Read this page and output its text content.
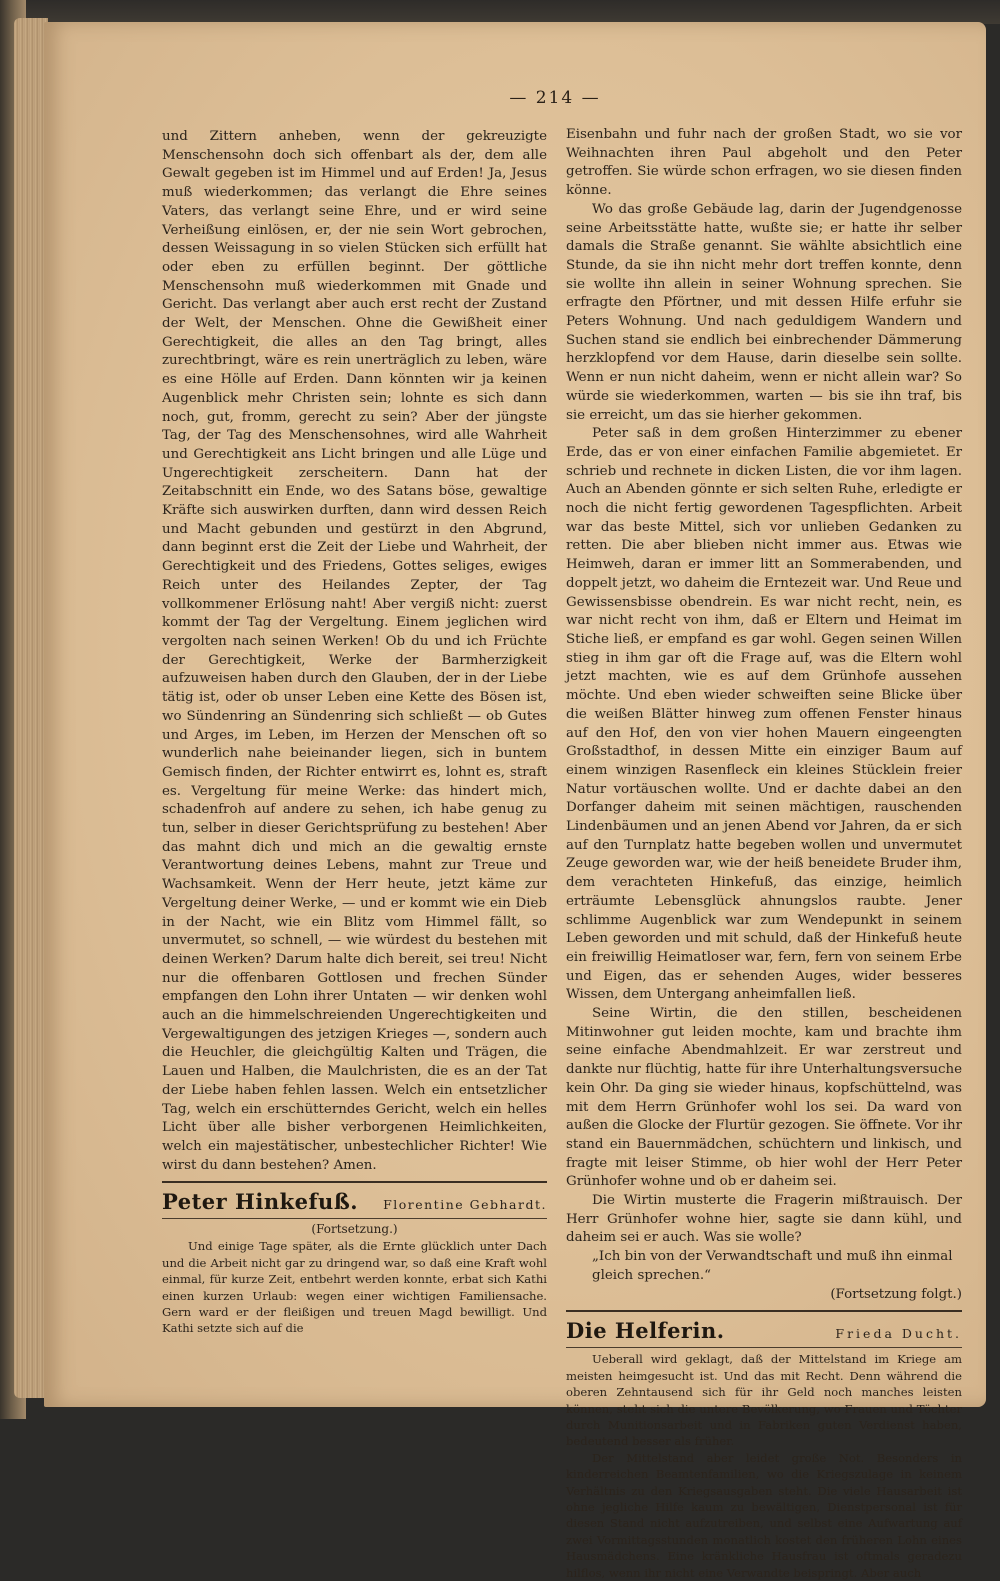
— 214 —

und Zittern anheben, wenn der gekreuzigte Menschensohn doch sich offenbart als der, dem alle Gewalt gegeben ist im Himmel und auf Erden! Ja, Jesus muß wiederkommen; das verlangt die Ehre seines Vaters, das verlangt seine Ehre, und er wird seine Verheißung einlösen, er, der nie sein Wort gebrochen, dessen Weissagung in so vielen Stücken sich erfüllt hat oder eben zu erfüllen beginnt. Der göttliche Menschensohn muß wiederkommen mit Gnade und Gericht. Das verlangt aber auch erst recht der Zustand der Welt, der Menschen. Ohne die Gewißheit einer Gerechtigkeit, die alles an den Tag bringt, alles zurechtbringt, wäre es rein unerträglich zu leben, wäre es eine Hölle auf Erden. Dann könnten wir ja keinen Augenblick mehr Christen sein; lohnte es sich dann noch, gut, fromm, gerecht zu sein? Aber der jüngste Tag, der Tag des Menschensohnes, wird alle Wahrheit und Gerechtigkeit ans Licht bringen und alle Lüge und Ungerechtigkeit zerscheitern. Dann hat der Zeitabschnitt ein Ende, wo des Satans böse, gewaltige Kräfte sich auswirken durften, dann wird dessen Reich und Macht gebunden und gestürzt in den Abgrund, dann beginnt erst die Zeit der Liebe und Wahrheit, der Gerechtigkeit und des Friedens, Gottes seliges, ewiges Reich unter des Heilandes Zepter, der Tag vollkommener Erlösung naht! Aber vergiß nicht: zuerst kommt der Tag der Vergeltung. Einem jeglichen wird vergolten nach seinen Werken! Ob du und ich Früchte der Gerechtigkeit, Werke der Barmherzigkeit aufzuweisen haben durch den Glauben, der in der Liebe tätig ist, oder ob unser Leben eine Kette des Bösen ist, wo Sündenring an Sündenring sich schließt — ob Gutes und Arges, im Leben, im Herzen der Menschen oft so wunderlich nahe beieinander liegen, sich in buntem Gemisch finden, der Richter entwirrt es, lohnt es, straft es. Vergeltung für meine Werke: das hindert mich, schadenfroh auf andere zu sehen, ich habe genug zu tun, selber in dieser Gerichtsprüfung zu bestehen! Aber das mahnt dich und mich an die gewaltig ernste Verantwortung deines Lebens, mahnt zur Treue und Wachsamkeit. Wenn der Herr heute, jetzt käme zur Vergeltung deiner Werke, — und er kommt wie ein Dieb in der Nacht, wie ein Blitz vom Himmel fällt, so unvermutet, so schnell, — wie würdest du bestehen mit deinen Werken? Darum halte dich bereit, sei treu! Nicht nur die offenbaren Gottlosen und frechen Sünder empfangen den Lohn ihrer Untaten — wir denken wohl auch an die himmelschreienden Ungerechtigkeiten und Vergewaltigungen des jetzigen Krieges —, sondern auch die Heuchler, die gleichgültig Kalten und Trägen, die Lauen und Halben, die Maulchristen, die es an der Tat der Liebe haben fehlen lassen. Welch ein entsetzlicher Tag, welch ein erschütterndes Gericht, welch ein helles Licht über alle bisher verborgenen Heimlichkeiten, welch ein majestätischer, unbestechlicher Richter! Wie wirst du dann bestehen? Amen.

Peter Hinkefuß. Florentine Gebhardt.
(Fortsetzung.)

Und einige Tage später, als die Ernte glücklich unter Dach und die Arbeit nicht gar zu dringend war, so daß eine Kraft wohl einmal, für kurze Zeit, entbehrt werden konnte, erbat sich Kathi einen kurzen Urlaub: wegen einer wichtigen Familiensache. Gern ward er der fleißigen und treuen Magd bewilligt. Und Kathi setzte sich auf die

Eisenbahn und fuhr nach der großen Stadt, wo sie vor Weihnachten ihren Paul abgeholt und den Peter getroffen. Sie würde schon erfragen, wo sie diesen finden könne.

Wo das große Gebäude lag, darin der Jugendgenosse seine Arbeitsstätte hatte, wußte sie; er hatte ihr selber damals die Straße genannt. Sie wählte absichtlich eine Stunde, da sie ihn nicht mehr dort treffen konnte, denn sie wollte ihn allein in seiner Wohnung sprechen. Sie erfragte den Pförtner, und mit dessen Hilfe erfuhr sie Peters Wohnung. Und nach geduldigem Wandern und Suchen stand sie endlich bei einbrechender Dämmerung herzklopfend vor dem Hause, darin dieselbe sein sollte. Wenn er nun nicht daheim, wenn er nicht allein war? So würde sie wiederkommen, warten — bis sie ihn traf, bis sie erreicht, um das sie hierher gekommen.

Peter saß in dem großen Hinterzimmer zu ebener Erde, das er von einer einfachen Familie abgemietet. Er schrieb und rechnete in dicken Listen, die vor ihm lagen. Auch an Abenden gönnte er sich selten Ruhe, erledigte er noch die nicht fertig gewordenen Tagespflichten. Arbeit war das beste Mittel, sich vor unlieben Gedanken zu retten. Die aber blieben nicht immer aus. Etwas wie Heimweh, daran er immer litt an Sommerabenden, und doppelt jetzt, wo daheim die Erntezeit war. Und Reue und Gewissensbisse obendrein. Es war nicht recht, nein, es war nicht recht von ihm, daß er Eltern und Heimat im Stiche ließ, er empfand es gar wohl. Gegen seinen Willen stieg in ihm gar oft die Frage auf, was die Eltern wohl jetzt machten, wie es auf dem Grünhofe aussehen möchte. Und eben wieder schweiften seine Blicke über die weißen Blätter hinweg zum offenen Fenster hinaus auf den Hof, den von vier hohen Mauern eingeengten Großstadthof, in dessen Mitte ein einziger Baum auf einem winzigen Rasenfleck ein kleines Stücklein freier Natur vortäuschen wollte. Und er dachte dabei an den Dorfanger daheim mit seinen mächtigen, rauschenden Lindenbäumen und an jenen Abend vor Jahren, da er sich auf den Turnplatz hatte begeben wollen und unvermutet Zeuge geworden war, wie der heiß beneidete Bruder ihm, dem verachteten Hinkefuß, das einzige, heimlich erträumte Lebensglück ahnungslos raubte. Jener schlimme Augenblick war zum Wendepunkt in seinem Leben geworden und mit schuld, daß der Hinkefuß heute ein freiwillig Heimatloser war, fern, fern von seinem Erbe und Eigen, das er sehenden Auges, wider besseres Wissen, dem Untergang anheimfallen ließ.

Seine Wirtin, die den stillen, bescheidenen Mitinwohner gut leiden mochte, kam und brachte ihm seine einfache Abendmahlzeit. Er war zerstreut und dankte nur flüchtig, hatte für ihre Unterhaltungsversuche kein Ohr. Da ging sie wieder hinaus, kopfschüttelnd, was mit dem Herrn Grünhofer wohl los sei. Da ward von außen die Glocke der Flurtür gezogen. Sie öffnete. Vor ihr stand ein Bauernmädchen, schüchtern und linkisch, und fragte mit leiser Stimme, ob hier wohl der Herr Peter Grünhofer wohne und ob er daheim sei.

Die Wirtin musterte die Fragerin mißtrauisch. Der Herr Grünhofer wohne hier, sagte sie dann kühl, und daheim sei er auch. Was sie wolle?

„Ich bin von der Verwandtschaft und muß ihn einmal gleich sprechen.“
(Fortsetzung folgt.)
Die Helferin.	Frieda Ducht.

Ueberall wird geklagt, daß der Mittelstand im Kriege am meisten heimgesucht ist. Und das mit Recht. Denn während die oberen Zehntausend sich für ihr Geld noch manches leisten können, steht sich die untere Bevölkerung, wo Frauen und Töchter durch Munitionsarbeit und in Fabriken guten Verdienst haben, bedeutend besser als früher.

Der Mittelstand aber leidet große Not. Besonders in kinderreichen Beamtenfamilien, wo die Kriegszulage in keinem Verhältnis zu den Kriegsausgaben steht. Die viele Hausarbeit ist ohne jegliche Hilfe kaum zu bewältigen, Dienstpersonal ist für diesen Stand nicht aufzutreiben, und selbst eine Aufwartung auf zwei Vormittagsstunden monatlich kostet den früheren Lohn eines Hausmädchens. Eine kränkliche Hausfrau ist oftmals geradezu hilflos, wenn ihr nicht eine Verwandte beispringt. Aber auch
